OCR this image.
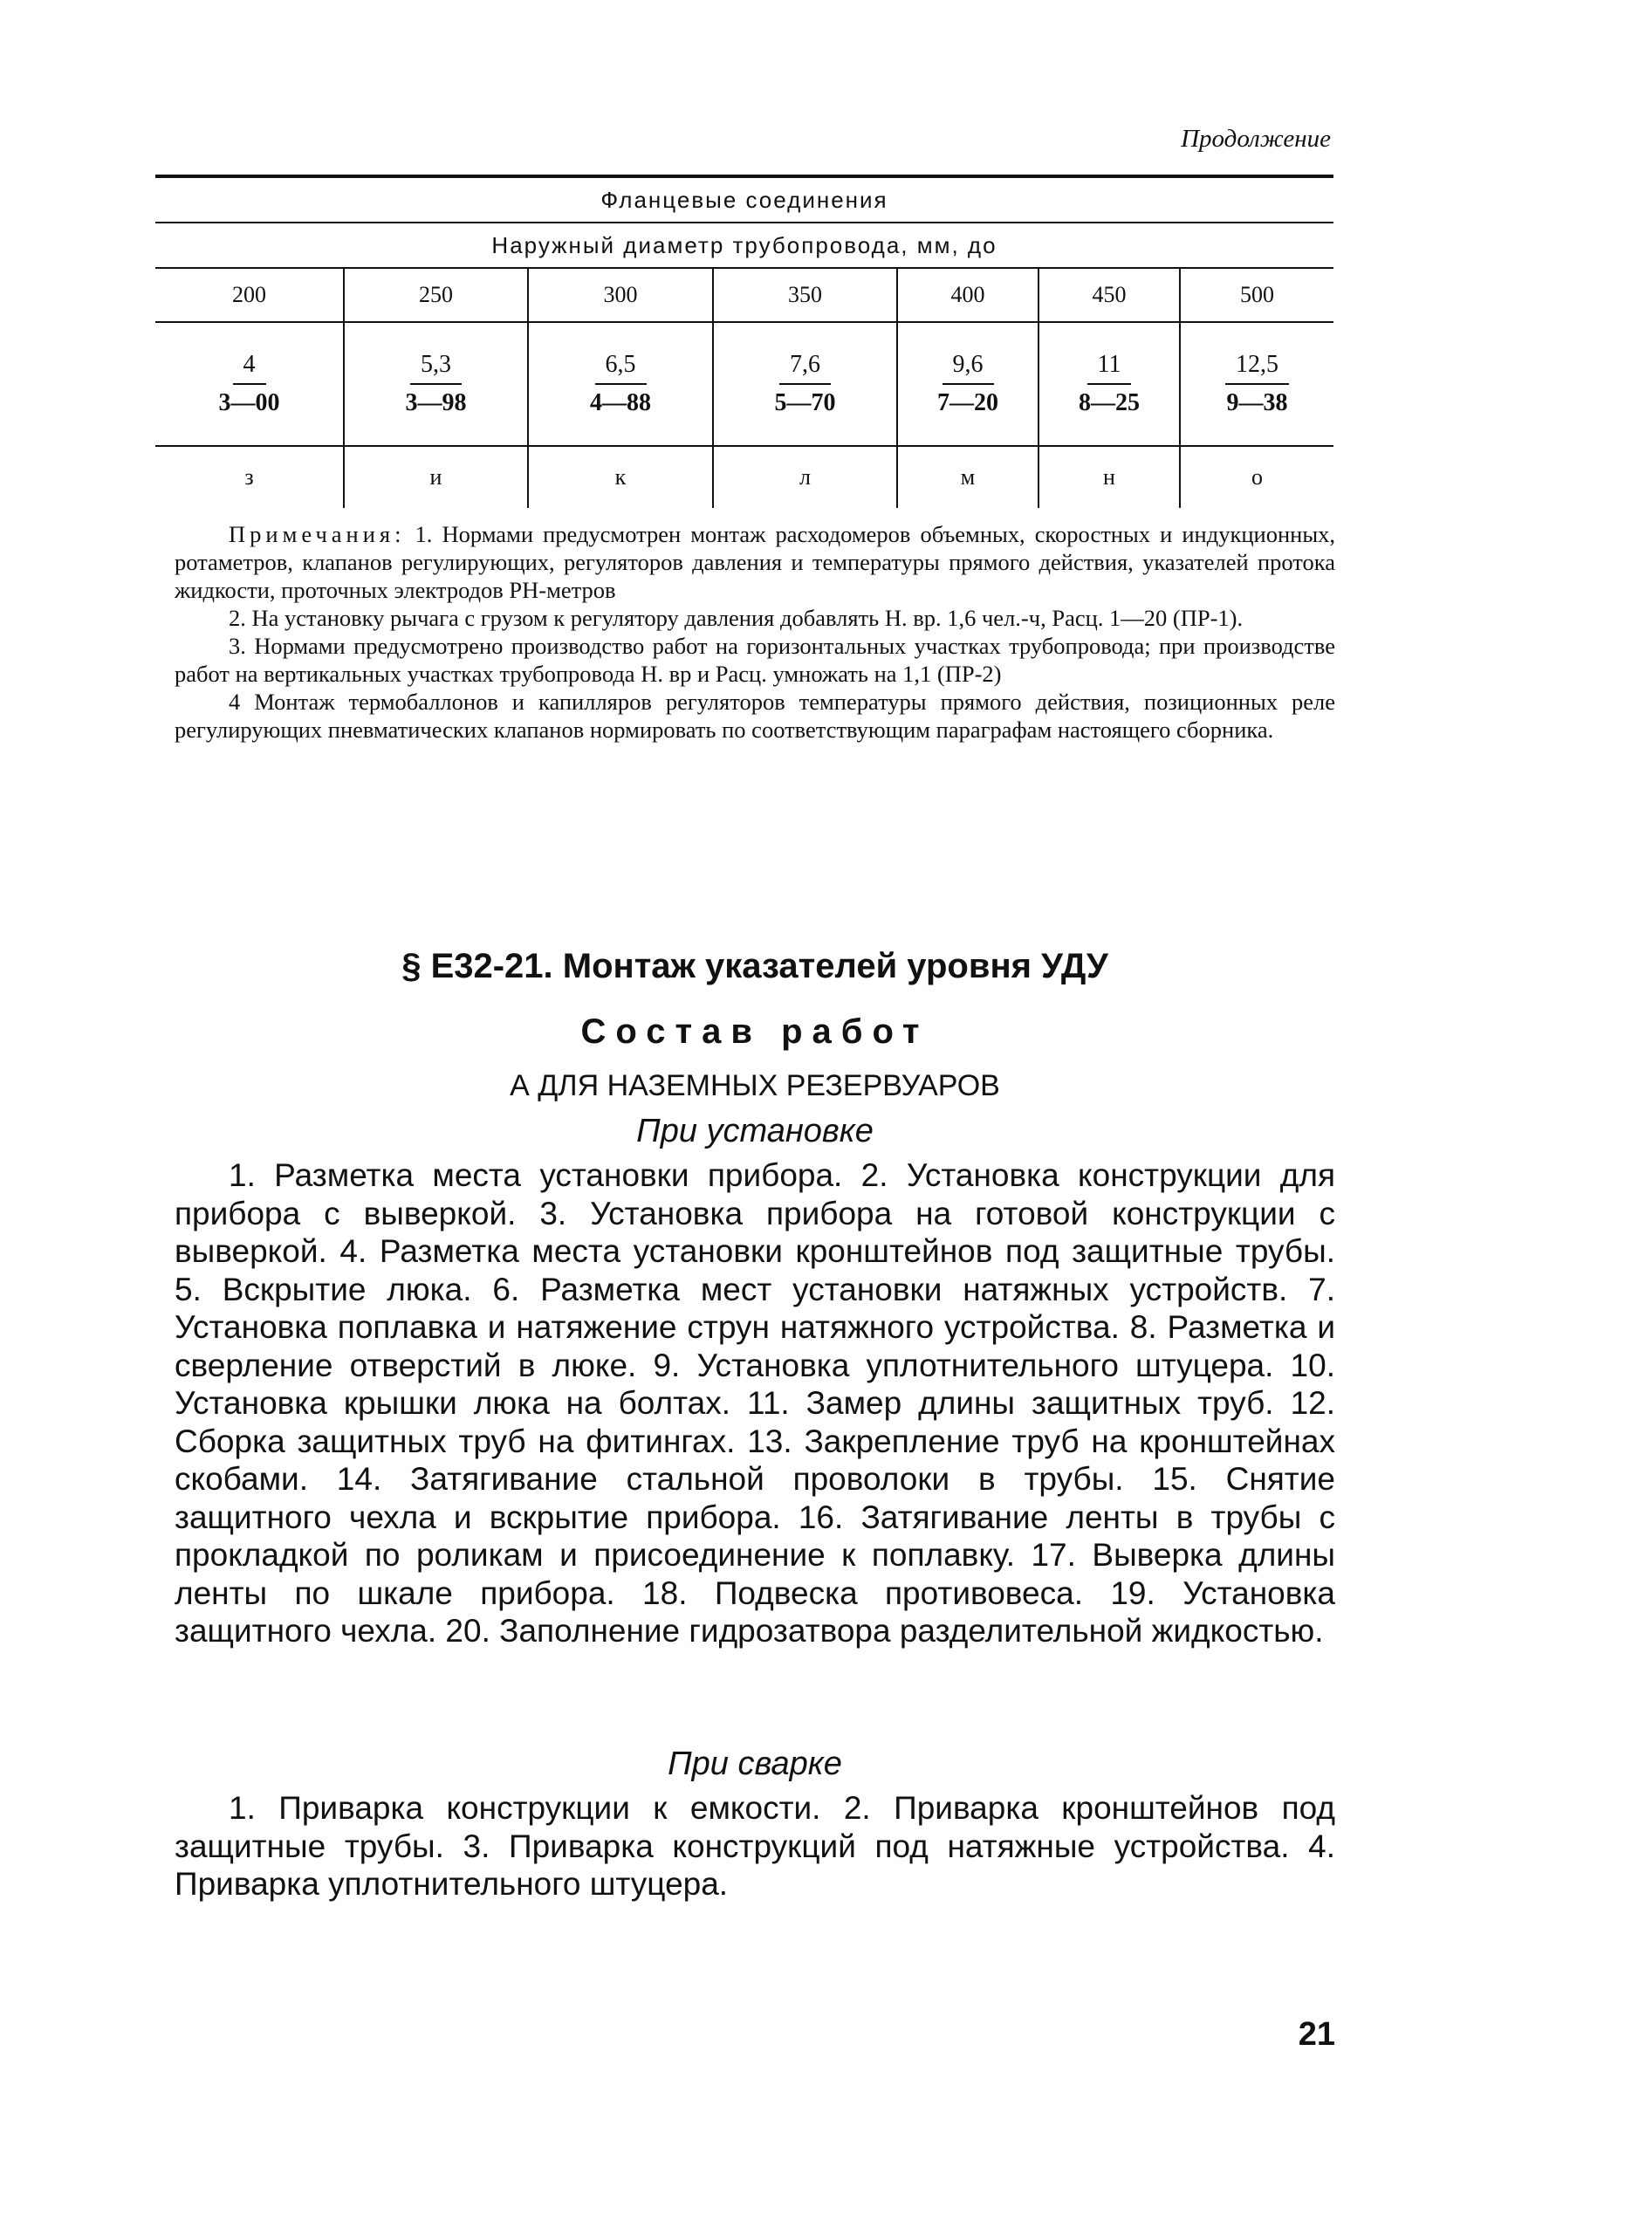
Продолжение
Фланцевые соединения
Наружный диаметр трубопровода, мм, до
200	250	300	350	400	450	500
$\frac{4}{3—00}$	$\frac{5,3}{3—98}$	$\frac{6,5}{4—88}$	$\frac{7,6}{5—70}$	$\frac{9,6}{7—20}$	$\frac{11}{8—25}$	$\frac{12,5}{9—38}$
з	и	к	л	м	н	о

Примечания: 1. Нормами предусмотрен монтаж расходомеров объемных, скоростных и индукционных, ротаметров, клапанов регулирующих, регуляторов давления и температуры прямого действия, указателей протока жидкости, проточных электродов РН-метров

2. На установку рычага с грузом к регулятору давления добавлять Н. вр. 1,6 чел.-ч, Расц. 1—20 (ПР-1).

3. Нормами предусмотрено производство работ на горизонтальных участках трубопровода; при производстве работ на вертикальных участках трубопровода Н. вр и Расц. умножать на 1,1 (ПР-2)

4 Монтаж термобаллонов и капилляров регуляторов температуры прямого действия, позиционных реле регулирующих пневматических клапанов нормировать по соответствующим параграфам настоящего сборника.

§ Е32-21. Монтаж указателей уровня УДУ
Состав работ
А ДЛЯ НАЗЕМНЫХ РЕЗЕРВУАРОВ
При установке

1. Разметка места установки прибора. 2. Установка конструкции для прибора с выверкой. 3. Установка прибора на готовой конструкции с выверкой. 4. Разметка места установки кронштейнов под защитные трубы. 5. Вскрытие люка. 6. Разметка мест установки натяжных устройств. 7. Установка поплавка и натяжение струн натяжного устройства. 8. Разметка и сверление отверстий в люке. 9. Установка уплотнительного штуцера. 10. Установка крышки люка на болтах. 11. Замер длины защитных труб. 12. Сборка защитных труб на фитингах. 13. Закрепление труб на кронштейнах скобами. 14. Затягивание стальной проволоки в трубы. 15. Снятие защитного чехла и вскрытие прибора. 16. Затягивание ленты в трубы с прокладкой по роликам и присоединение к поплавку. 17. Выверка длины ленты по шкале прибора. 18. Подвеска противовеса. 19. Установка защитного чехла. 20. Заполнение гидрозатвора разделительной жидкостью.

При сварке

1. Приварка конструкции к емкости. 2. Приварка кронштейнов под защитные трубы. 3. Приварка конструкций под натяжные устройства. 4. Приварка уплотнительного штуцера.

21
